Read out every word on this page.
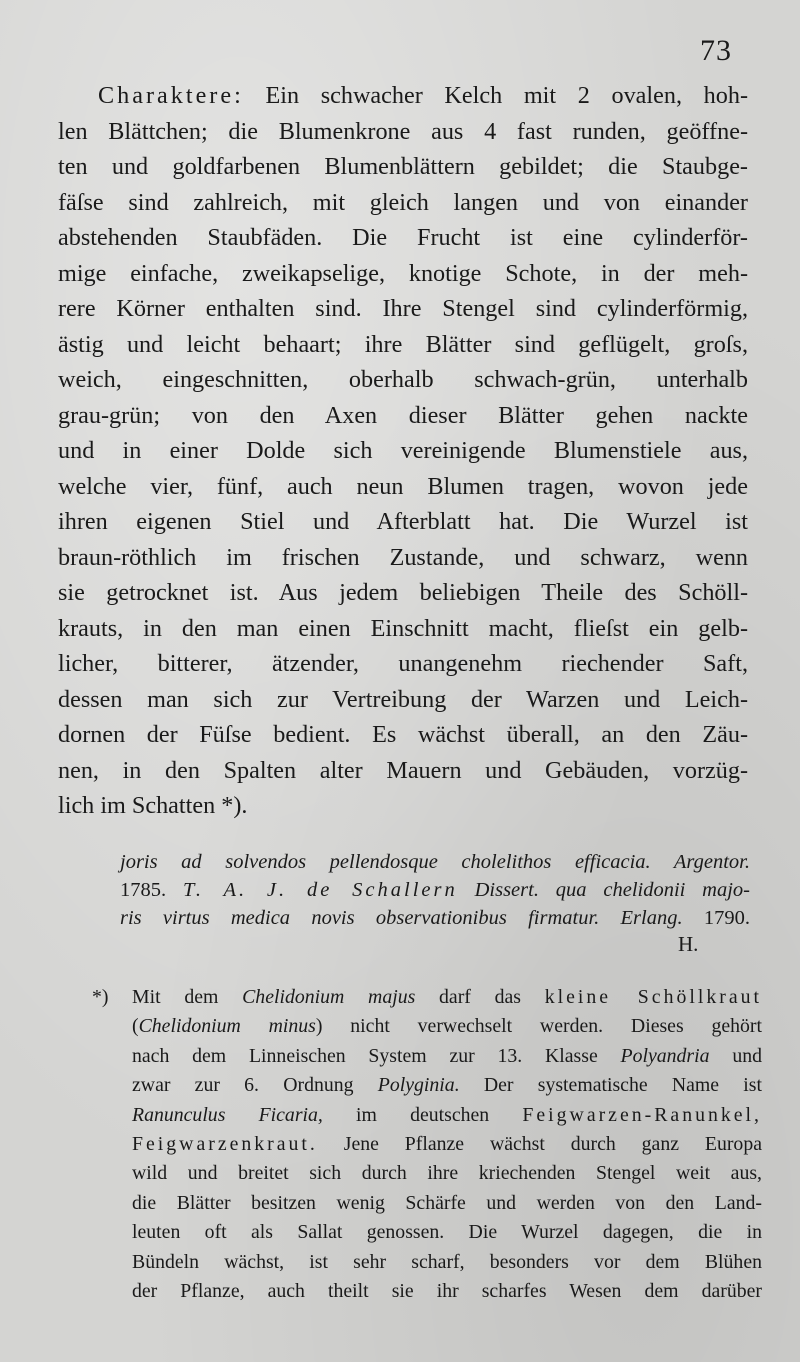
73
Charaktere: Ein schwacher Kelch mit 2 ovalen, hoh-
len Blättchen; die Blumenkrone aus 4 fast runden, geöffne-
ten und goldfarbenen Blumenblättern gebildet; die Staubge-
fäſse sind zahlreich, mit gleich langen und von einander
abstehenden Staubfäden. Die Frucht ist eine cylinderför-
mige einfache, zweikapselige, knotige Schote, in der meh-
rere Körner enthalten sind. Ihre Stengel sind cylinderförmig,
ästig und leicht behaart; ihre Blätter sind geflügelt, groſs,
weich, eingeschnitten, oberhalb schwach-grün, unterhalb
grau-grün; von den Axen dieser Blätter gehen nackte
und in einer Dolde sich vereinigende Blumenstiele aus,
welche vier, fünf, auch neun Blumen tragen, wovon jede
ihren eigenen Stiel und Afterblatt hat. Die Wurzel ist
braun-röthlich im frischen Zustande, und schwarz, wenn
sie getrocknet ist. Aus jedem beliebigen Theile des Schöll-
krauts, in den man einen Einschnitt macht, flieſst ein gelb-
licher, bitterer, ätzender, unangenehm riechender Saft,
dessen man sich zur Vertreibung der Warzen und Leich-
dornen der Füſse bedient. Es wächst überall, an den Zäu-
nen, in den Spalten alter Mauern und Gebäuden, vorzüg-
lich im Schatten *).
joris ad solvendos pellendosque cholelithos efficacia. Argentor.
1785. T. A. J. de Schallern Dissert. qua chelidonii majo-
ris virtus medica novis observationibus firmatur. Erlang. 1790.
H.
*) Mit dem Chelidonium majus darf das kleine Schöllkraut
(Chelidonium minus) nicht verwechselt werden. Dieses gehört
nach dem Linneischen System zur 13. Klasse Polyandria und
zwar zur 6. Ordnung Polyginia. Der systematische Name ist
Ranunculus Ficaria, im deutschen Feigwarzen-Ranunkel,
Feigwarzenkraut. Jene Pflanze wächst durch ganz Europa
wild und breitet sich durch ihre kriechenden Stengel weit aus,
die Blätter besitzen wenig Schärfe und werden von den Land-
leuten oft als Sallat genossen. Die Wurzel dagegen, die in
Bündeln wächst, ist sehr scharf, besonders vor dem Blühen
der Pflanze, auch theilt sie ihr scharfes Wesen dem darüber
